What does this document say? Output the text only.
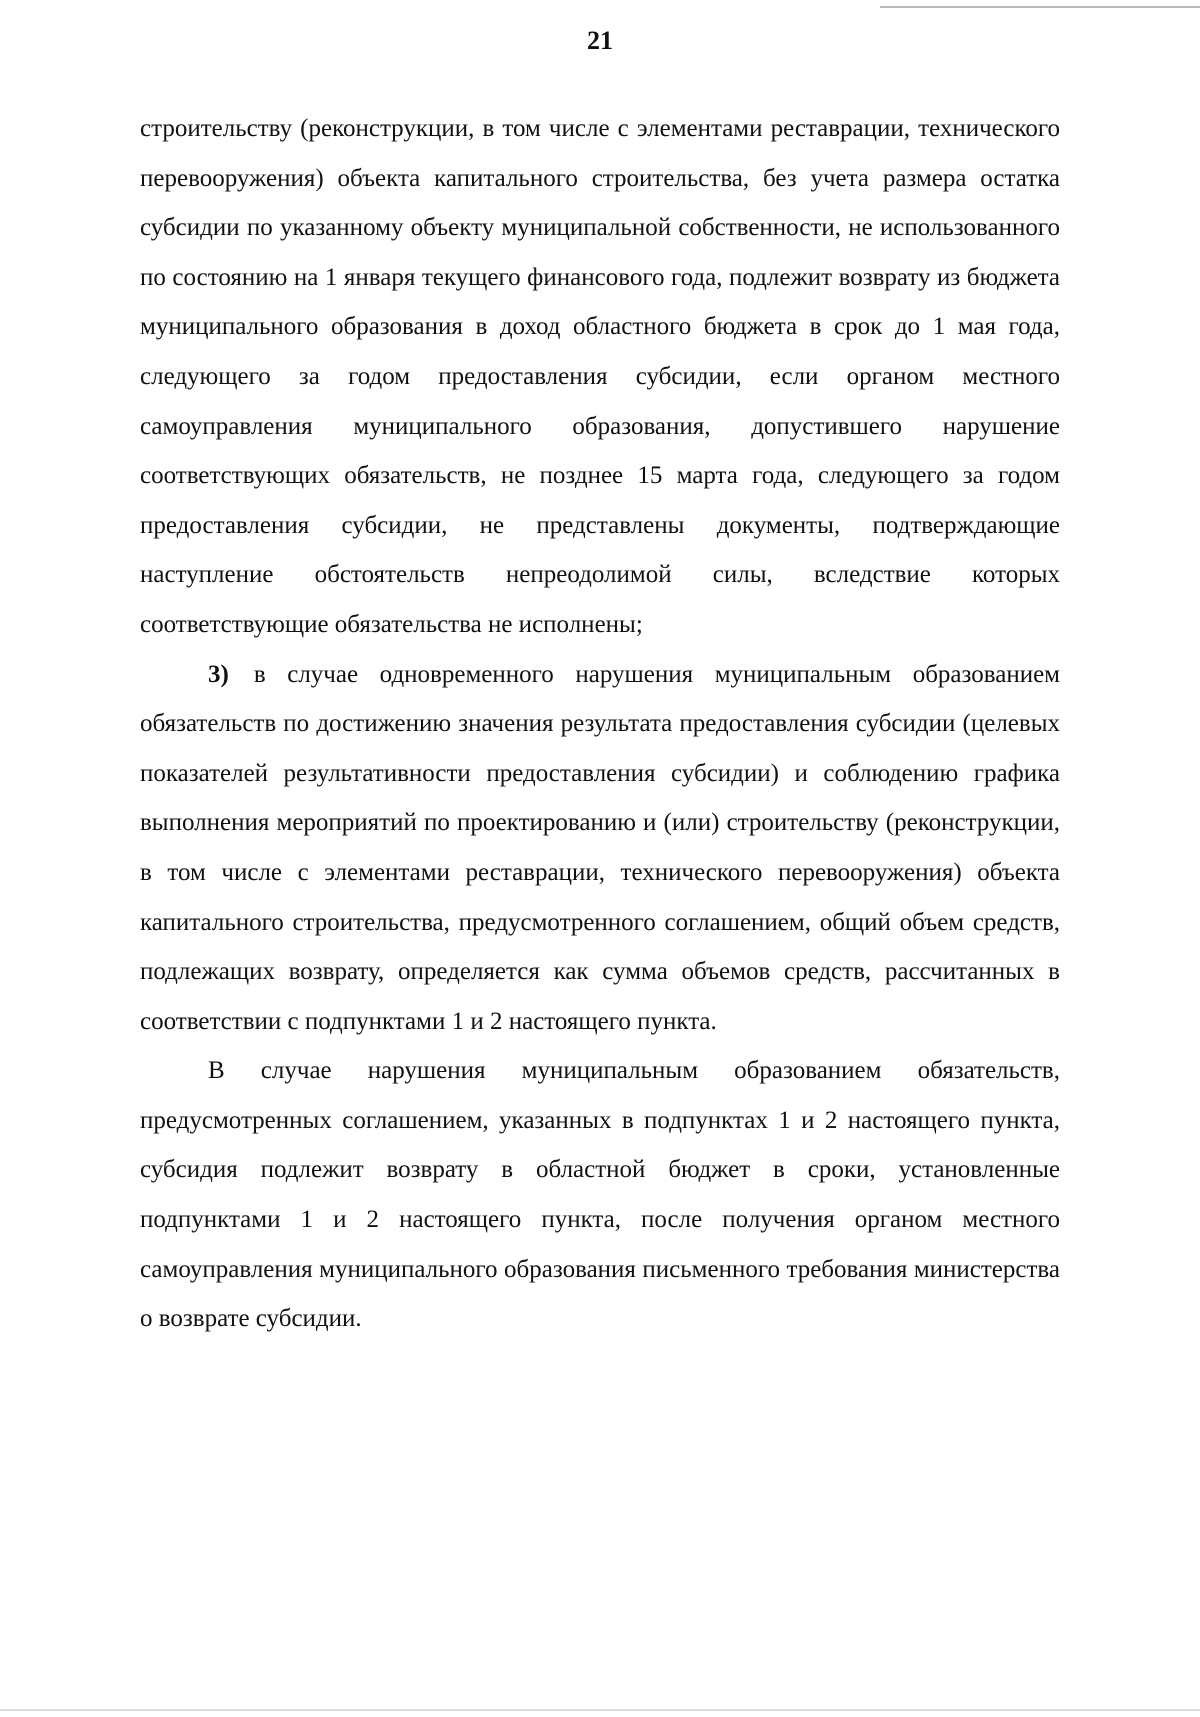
21

строительству (реконструкции, в том числе с элементами реставрации, технического перевооружения) объекта капитального строительства, без учета размера остатка субсидии по указанному объекту муниципальной собственности, не использованного по состоянию на 1 января текущего финансового года, подлежит возврату из бюджета муниципального образования в доход областного бюджета в срок до 1 мая года, следующего за годом предоставления субсидии, если органом местного самоуправления муниципального образования, допустившего нарушение соответствующих обязательств, не позднее 15 марта года, следующего за годом предоставления субсидии, не представлены документы, подтверждающие наступление обстоятельств непреодолимой силы, вследствие которых соответствующие обязательства не исполнены;

3)  в случае одновременного нарушения муниципальным образованием обязательств по достижению значения результата предоставления субсидии (целевых показателей результативности предоставления субсидии) и соблюдению графика выполнения мероприятий по проектированию и (или) строительству (реконструкции, в том числе с элементами реставрации, технического перевооружения) объекта капитального строительства, предусмотренного соглашением, общий объем средств, подлежащих возврату, определяется как сумма объемов средств, рассчитанных в соответствии с подпунктами 1 и 2 настоящего пункта.

В случае нарушения муниципальным образованием обязательств, предусмотренных соглашением, указанных в подпунктах 1 и 2 настоящего пункта, субсидия подлежит возврату в областной бюджет в сроки, установленные подпунктами 1 и 2 настоящего пункта, после получения органом местного самоуправления муниципального образования письменного требования министерства о возврате субсидии.
